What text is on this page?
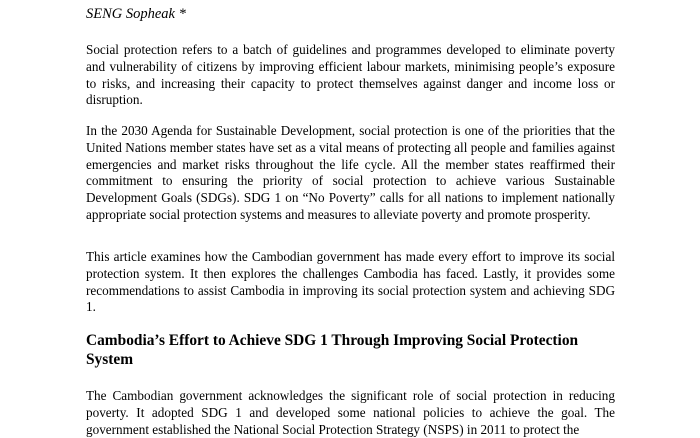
SENG Sopheak *

Social protection refers to a batch of guidelines and programmes developed to eliminate poverty and vulnerability of citizens by improving efficient labour markets, minimising people’s exposure to risks, and increasing their capacity to protect themselves against danger and income loss or disruption.

In the 2030 Agenda for Sustainable Development, social protection is one of the priorities that the United Nations member states have set as a vital means of protecting all people and families against emergencies and market risks throughout the life cycle. All the member states reaffirmed their commitment to ensuring the priority of social protection to achieve various Sustainable Development Goals (SDGs). SDG 1 on “No Poverty” calls for all nations to implement nationally appropriate social protection systems and measures to alleviate poverty and promote prosperity.

This article examines how the Cambodian government has made every effort to improve its social protection system. It then explores the challenges Cambodia has faced. Lastly, it provides some recommendations to assist Cambodia in improving its social protection system and achieving SDG 1.

Cambodia’s Effort to Achieve SDG 1 Through Improving Social Protection System

The Cambodian government acknowledges the significant role of social protection in reducing poverty. It adopted SDG 1 and developed some national policies to achieve the goal. The government established the National Social Protection Strategy (NSPS) in 2011 to protect the
